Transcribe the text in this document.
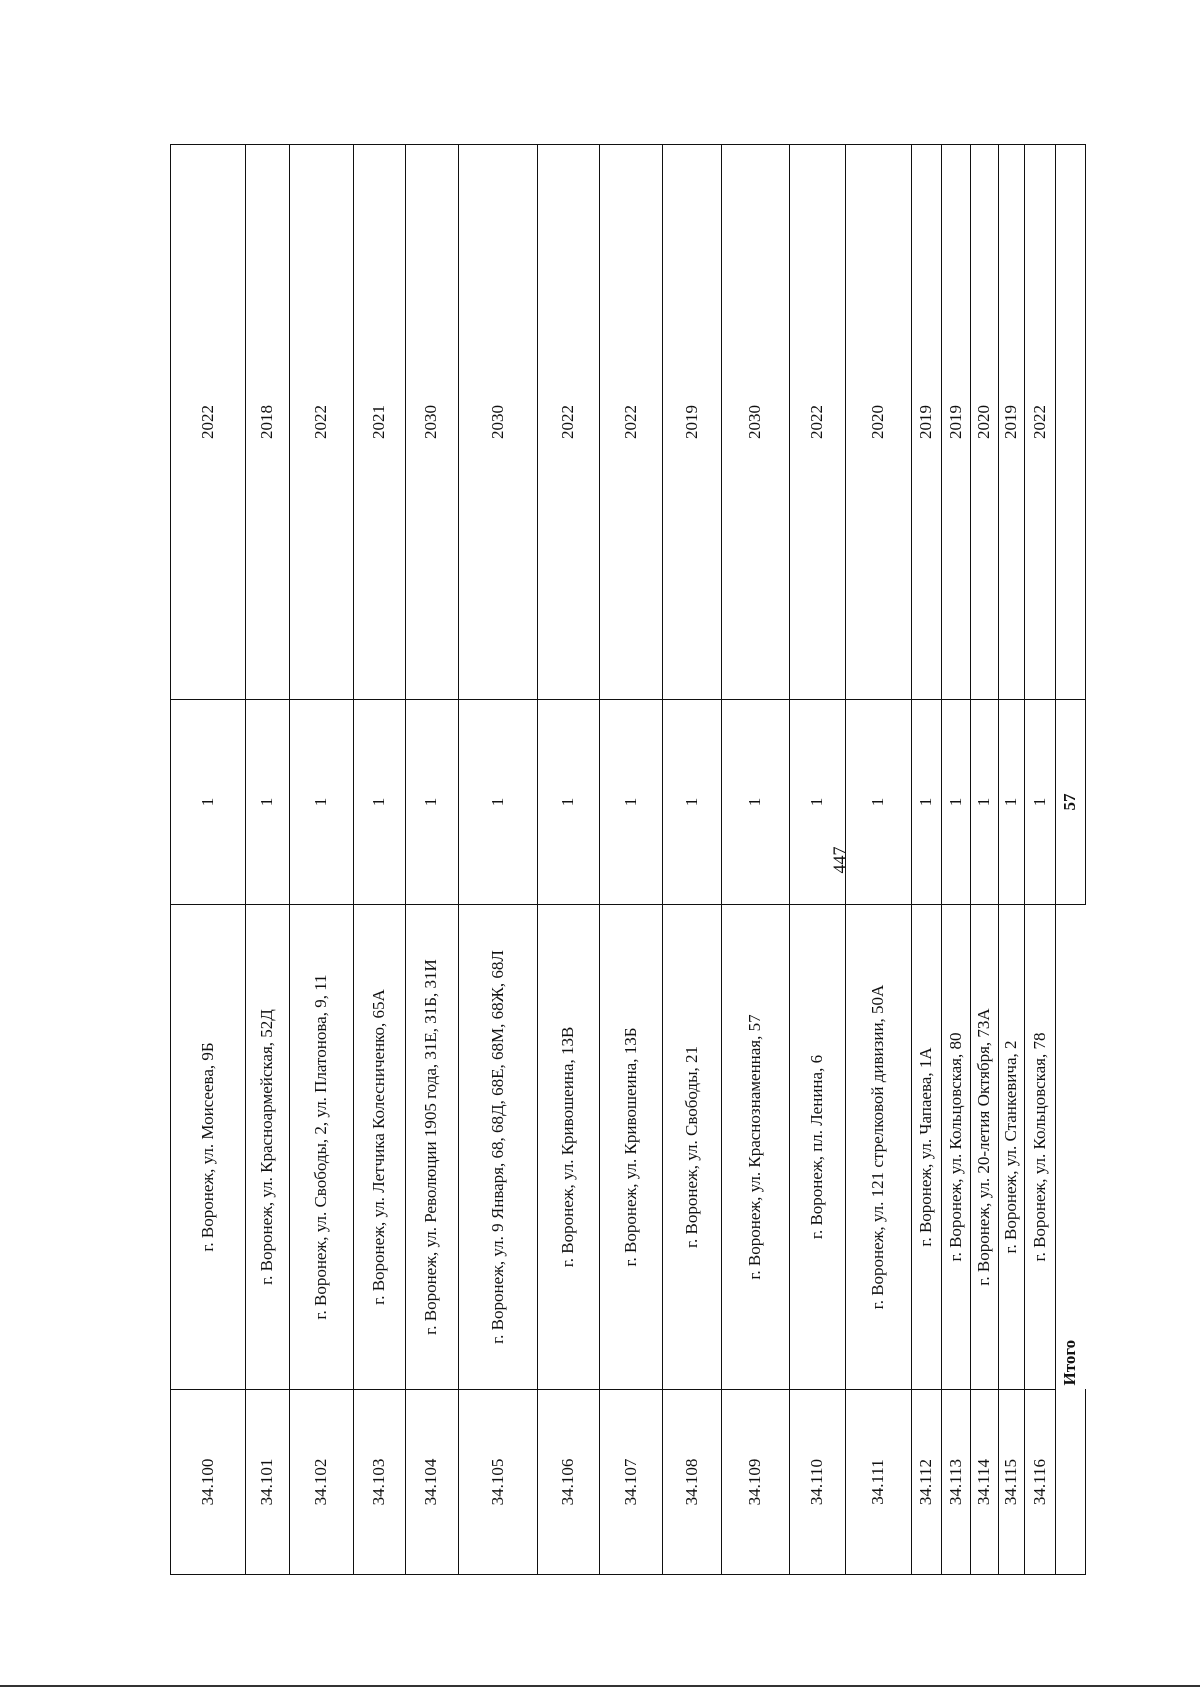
447
34.100	г. Воронеж, ул. Моисеева, 9Б	1	2022
34.101	г. Воронеж, ул. Красноармейская, 52Д	1	2018
34.102	г. Воронеж, ул. Свободы, 2, ул. Платонова, 9, 11	1	2022
34.103	г. Воронеж, ул. Летчика Колесниченко, 65А	1	2021
34.104	г. Воронеж, ул. Революции 1905 года, 31Е, 31Б, 31И	1	2030
34.105	г. Воронеж, ул. 9 Января, 68, 68Д, 68Е, 68М, 68Ж, 68Л	1	2030
34.106	г. Воронеж, ул. Кривошеина, 13В	1	2022
34.107	г. Воронеж, ул. Кривошеина, 13Б	1	2022
34.108	г. Воронеж, ул. Свободы, 21	1	2019
34.109	г. Воронеж, ул. Краснознаменная, 57	1	2030
34.110	г. Воронеж, пл. Ленина, 6	1	2022
34.111	г. Воронеж, ул. 121 стрелковой дивизии, 50А	1	2020
34.112	г. Воронеж, ул. Чапаева, 1А	1	2019
34.113	г. Воронеж, ул. Кольцовская, 80	1	2019
34.114	г. Воронеж, ул. 20-летия Октября, 73А	1	2020
34.115	г. Воронеж, ул. Станкевича, 2	1	2019
34.116	г. Воронеж, ул. Кольцовская, 78	1	2022
	Итого	57	
